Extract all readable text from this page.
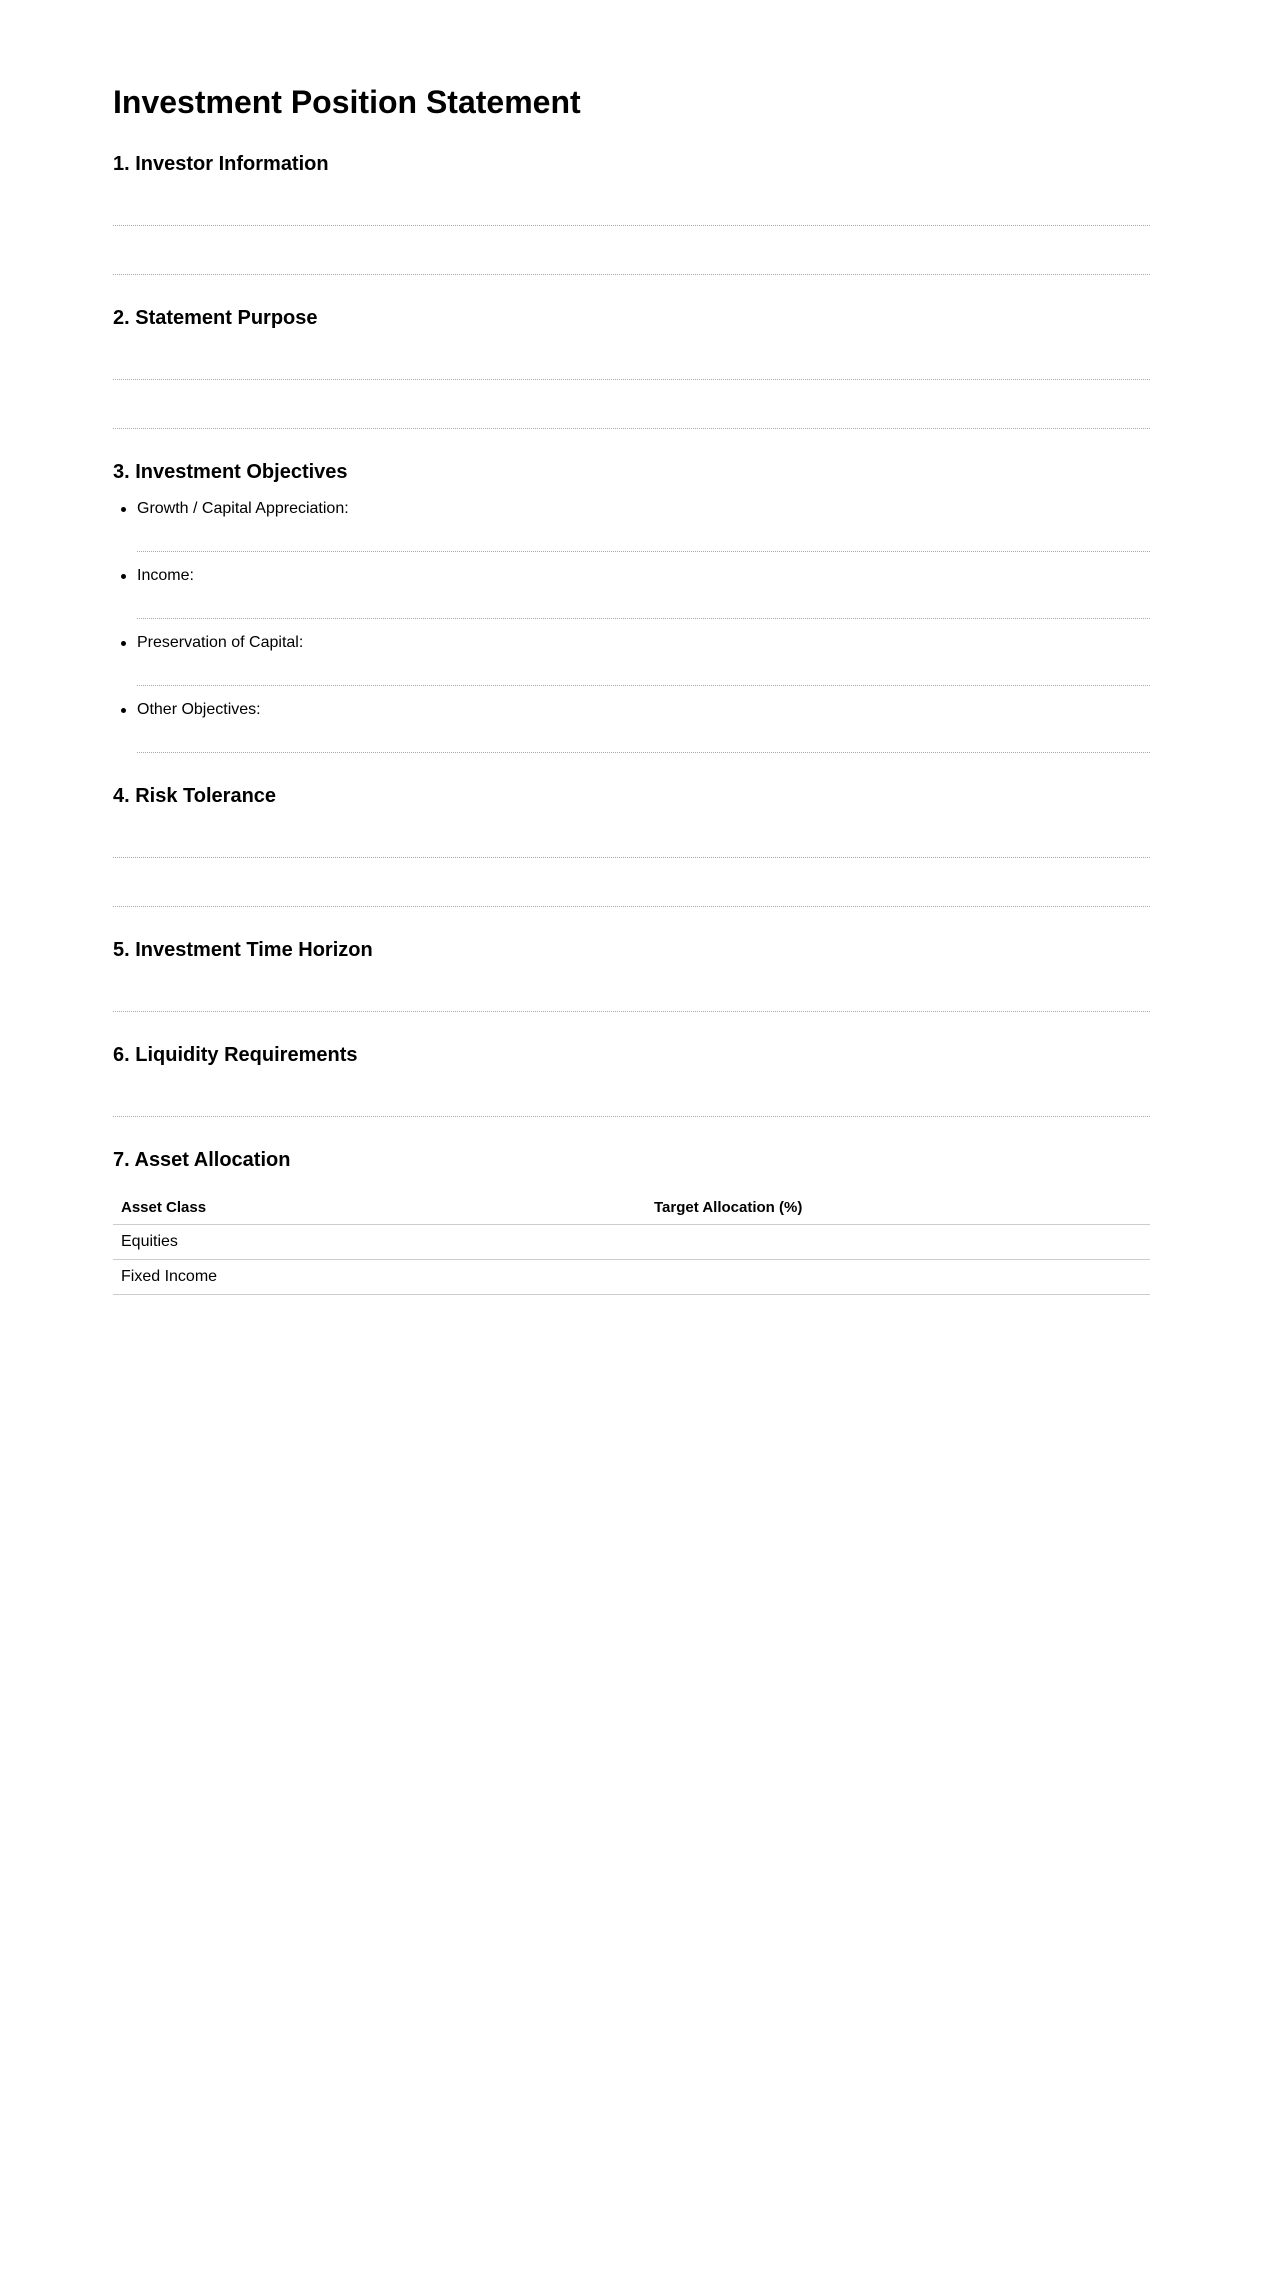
Investment Position Statement
1. Investor Information
2. Statement Purpose
3. Investment Objectives
Growth / Capital Appreciation:
Income:
Preservation of Capital:
Other Objectives:
4. Risk Tolerance
5. Investment Time Horizon
6. Liquidity Requirements
7. Asset Allocation
Asset Class	Target Allocation (%)
Equities	
Fixed Income	
